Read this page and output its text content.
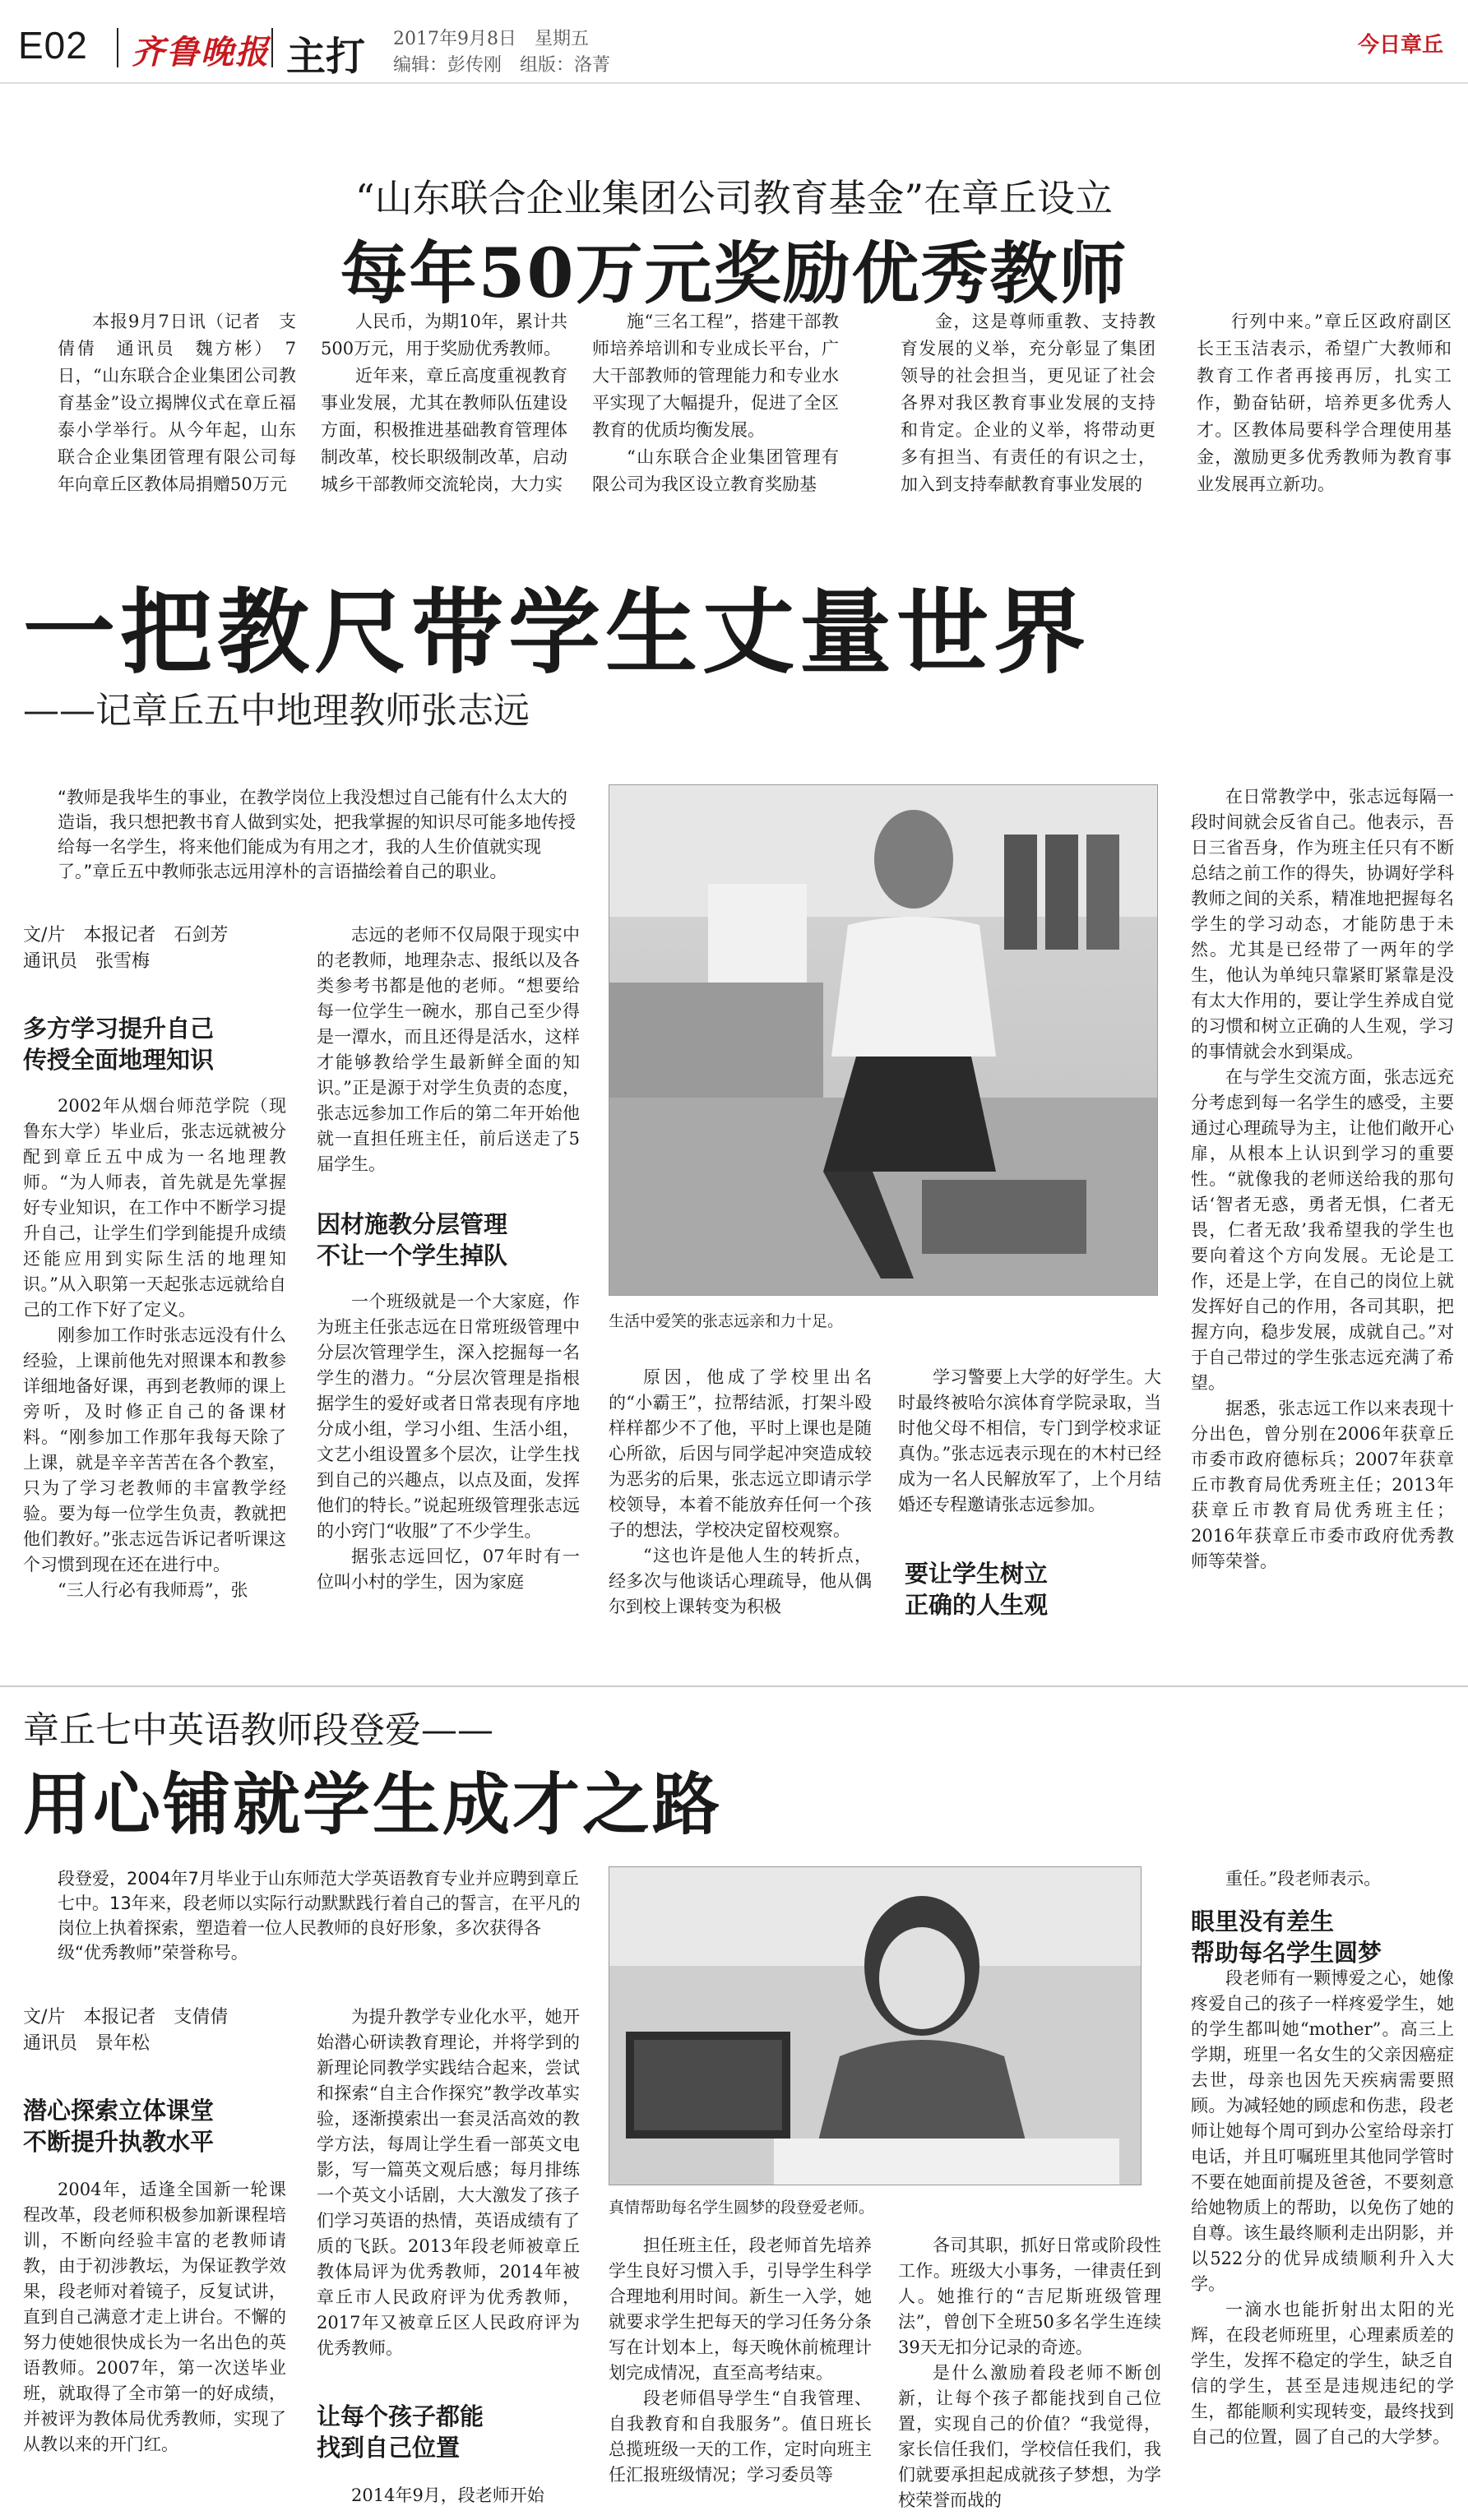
E02 齐鲁晚报 主打 2017年9月8日　星期五
编辑：彭传刚　组版：洛菁
今日章丘
“山东联合企业集团公司教育基金”在章丘设立
每年50万元奖励优秀教师

本报9月7日讯（记者　支倩倩　通讯员　魏方彬）　7日，“山东联合企业集团公司教育基金”设立揭牌仪式在章丘福泰小学举行。从今年起，山东联合企业集团管理有限公司每年向章丘区教体局捐赠50万元

人民币，为期10年，累计共500万元，用于奖励优秀教师。

近年来，章丘高度重视教育事业发展，尤其在教师队伍建设方面，积极推进基础教育管理体制改革，校长职级制改革，启动城乡干部教师交流轮岗，大力实

施“三名工程”，搭建干部教师培养培训和专业成长平台，广大干部教师的管理能力和专业水平实现了大幅提升，促进了全区教育的优质均衡发展。

“山东联合企业集团管理有限公司为我区设立教育奖励基

金，这是尊师重教、支持教育发展的义举，充分彰显了集团领导的社会担当，更见证了社会各界对我区教育事业发展的支持和肯定。企业的义举，将带动更多有担当、有责任的有识之士，加入到支持奉献教育事业发展的

行列中来。”章丘区政府副区长王玉洁表示，希望广大教师和教育工作者再接再厉，扎实工作，勤奋钻研，培养更多优秀人才。区教体局要科学合理使用基金，激励更多优秀教师为教育事业发展再立新功。

一把教尺带学生丈量世界
——记章丘五中地理教师张志远
“教师是我毕生的事业，在教学岗位上我没想过自己能有什么太大的造诣，我只想把教书育人做到实处，把我掌握的知识尽可能多地传授给每一名学生，将来他们能成为有用之才，我的人生价值就实现了。”章丘五中教师张志远用淳朴的言语描绘着自己的职业。
文/片　本报记者　石剑芳
通讯员　张雪梅
多方学习提升自己
传授全面地理知识

2002年从烟台师范学院（现鲁东大学）毕业后，张志远就被分配到章丘五中成为一名地理教师。“为人师表，首先就是先掌握好专业知识，在工作中不断学习提升自己，让学生们学到能提升成绩还能应用到实际生活的地理知识。”从入职第一天起张志远就给自己的工作下好了定义。

刚参加工作时张志远没有什么经验，上课前他先对照课本和教参详细地备好课，再到老教师的课上旁听，及时修正自己的备课材料。“刚参加工作那年我每天除了上课，就是辛辛苦苦在各个教室，只为了学习老教师的丰富教学经验。要为每一位学生负责，教就把他们教好。”张志远告诉记者听课这个习惯到现在还在进行中。

“三人行必有我师焉”，张

志远的老师不仅局限于现实中的老教师，地理杂志、报纸以及各类参考书都是他的老师。“想要给每一位学生一碗水，那自己至少得是一潭水，而且还得是活水，这样才能够教给学生最新鲜全面的知识。”正是源于对学生负责的态度，张志远参加工作后的第二年开始他就一直担任班主任，前后送走了5届学生。

因材施教分层管理
不让一个学生掉队

一个班级就是一个大家庭，作为班主任张志远在日常班级管理中分层次管理学生，深入挖掘每一名学生的潜力。“分层次管理是指根据学生的爱好或者日常表现有序地分成小组，学习小组、生活小组，文艺小组设置多个层次，让学生找到自己的兴趣点，以点及面，发挥他们的特长。”说起班级管理张志远的小窍门“收服”了不少学生。

据张志远回忆，07年时有一位叫小村的学生，因为家庭

生活中爱笑的张志远亲和力十足。

原因，他成了学校里出名的“小霸王”，拉帮结派，打架斗殴样样都少不了他，平时上课也是随心所欲，后因与同学起冲突造成较为恶劣的后果，张志远立即请示学校领导，本着不能放弃任何一个孩子的想法，学校决定留校观察。

“这也许是他人生的转折点，经多次与他谈话心理疏导，他从偶尔到校上课转变为积极

学习警要上大学的好学生。大时最终被哈尔滨体育学院录取，当时他父母不相信，专门到学校求证真伪。”张志远表示现在的木村已经成为一名人民解放军了，上个月结婚还专程邀请张志远参加。

要让学生树立
正确的人生观

在日常教学中，张志远每隔一段时间就会反省自己。他表示，吾日三省吾身，作为班主任只有不断总结之前工作的得失，协调好学科教师之间的关系，精准地把握每名学生的学习动态，才能防患于未然。尤其是已经带了一两年的学生，他认为单纯只靠紧盯紧靠是没有太大作用的，要让学生养成自觉的习惯和树立正确的人生观，学习的事情就会水到渠成。

在与学生交流方面，张志远充分考虑到每一名学生的感受，主要通过心理疏导为主，让他们敞开心扉，从根本上认识到学习的重要性。“就像我的老师送给我的那句话‘智者无惑，勇者无惧，仁者无畏，仁者无敌’我希望我的学生也要向着这个方向发展。无论是工作，还是上学，在自己的岗位上就发挥好自己的作用，各司其职，把握方向，稳步发展，成就自己。”对于自己带过的学生张志远充满了希望。

据悉，张志远工作以来表现十分出色，曾分别在2006年获章丘市委市政府德标兵；2007年获章丘市教育局优秀班主任；2013年获章丘市教育局优秀班主任；2016年获章丘市委市政府优秀教师等荣誉。

章丘七中英语教师段登爱——
用心铺就学生成才之路
段登爱，2004年7月毕业于山东师范大学英语教育专业并应聘到章丘七中。13年来，段老师以实际行动默默践行着自己的誓言，在平凡的岗位上执着探索，塑造着一位人民教师的良好形象，多次获得各级“优秀教师”荣誉称号。
文/片　本报记者　支倩倩
通讯员　景年松
潜心探索立体课堂
不断提升执教水平

2004年，适逢全国新一轮课程改革，段老师积极参加新课程培训，不断向经验丰富的老教师请教，由于初涉教坛，为保证教学效果，段老师对着镜子，反复试讲，直到自己满意才走上讲台。不懈的努力使她很快成长为一名出色的英语教师。2007年，第一次送毕业班，就取得了全市第一的好成绩，并被评为教体局优秀教师，实现了从教以来的开门红。

为提升教学专业化水平，她开始潜心研读教育理论，并将学到的新理论同教学实践结合起来，尝试和探索“自主合作探究”教学改革实验，逐渐摸索出一套灵活高效的教学方法，每周让学生看一部英文电影，写一篇英文观后感；每月排练一个英文小话剧，大大激发了孩子们学习英语的热情，英语成绩有了质的飞跃。2013年段老师被章丘教体局评为优秀教师，2014年被章丘市人民政府评为优秀教师，2017年又被章丘区人民政府评为优秀教师。

让每个孩子都能
找到自己位置

2014年9月，段老师开始

真情帮助每名学生圆梦的段登爱老师。

担任班主任，段老师首先培养学生良好习惯入手，引导学生科学合理地利用时间。新生一入学，她就要求学生把每天的学习任务分条写在计划本上，每天晚休前梳理计划完成情况，直至高考结束。

段老师倡导学生“自我管理、自我教育和自我服务”。值日班长总揽班级一天的工作，定时向班主任汇报班级情况；学习委员等

各司其职，抓好日常或阶段性工作。班级大小事务，一律责任到人。她推行的“吉尼斯班级管理法”，曾创下全班50多名学生连续39天无扣分记录的奇迹。

是什么激励着段老师不断创新，让每个孩子都能找到自己位置，实现自己的价值？“我觉得，家长信任我们，学校信任我们，我们就要承担起成就孩子梦想，为学校荣誉而战的

重任。”段老师表示。

段老师有一颗博爱之心，她像疼爱自己的孩子一样疼爱学生，她的学生都叫她“mother”。高三上学期，班里一名女生的父亲因癌症去世，母亲也因先天疾病需要照顾。为减轻她的顾虑和伤悲，段老师让她每个周可到办公室给母亲打电话，并且叮嘱班里其他同学管时不要在她面前提及爸爸，不要刻意给她物质上的帮助，以免伤了她的自尊。该生最终顺利走出阴影，并以522分的优异成绩顺利升入大学。

一滴水也能折射出太阳的光辉，在段老师班里，心理素质差的学生，发挥不稳定的学生，缺乏自信的学生，甚至是违规违纪的学生，都能顺利实现转变，最终找到自己的位置，圆了自己的大学梦。

眼里没有差生
帮助每名学生圆梦
